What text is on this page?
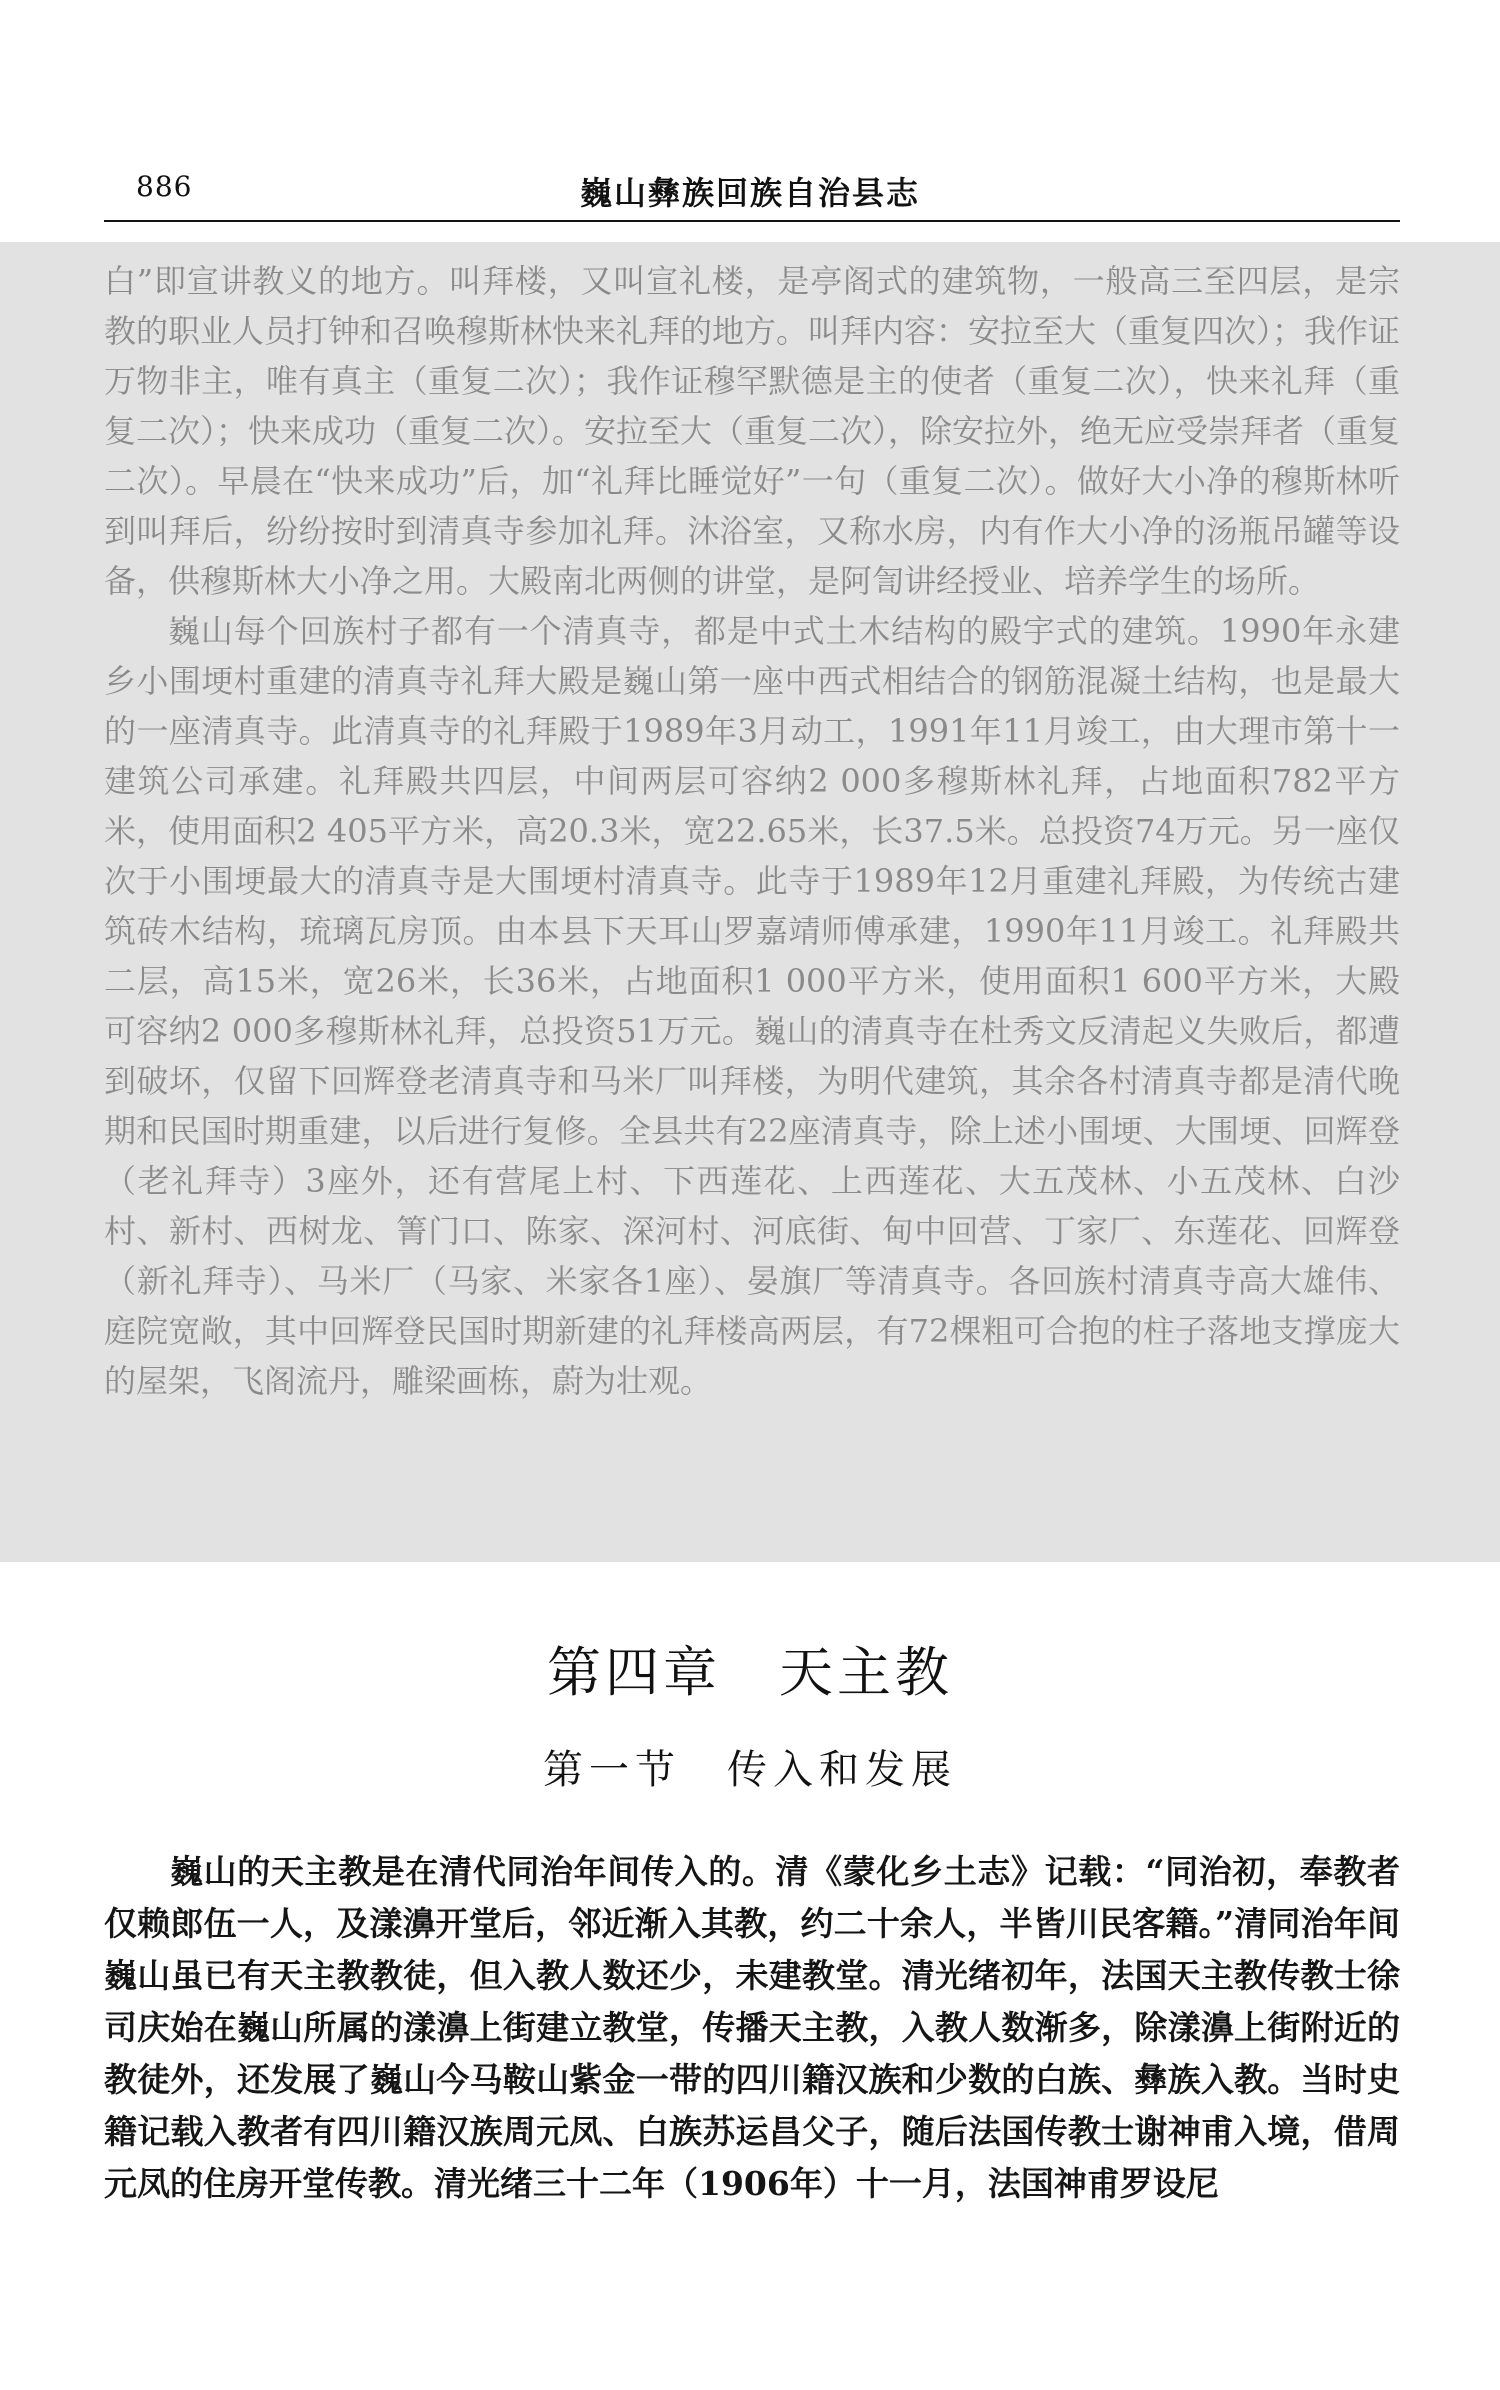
886	巍山彝族回族自治县志

白”即宣讲教义的地方。叫拜楼，又叫宣礼楼，是亭阁式的建筑物，一般高三至四层，是宗教的职业人员打钟和召唤穆斯林快来礼拜的地方。叫拜内容：安拉至大（重复四次）；我作证万物非主，唯有真主（重复二次）；我作证穆罕默德是主的使者（重复二次），快来礼拜（重复二次）；快来成功（重复二次）。安拉至大（重复二次），除安拉外，绝无应受崇拜者（重复二次）。早晨在“快来成功”后，加“礼拜比睡觉好”一句（重复二次）。做好大小净的穆斯林听到叫拜后，纷纷按时到清真寺参加礼拜。沐浴室，又称水房，内有作大小净的汤瓶吊罐等设备，供穆斯林大小净之用。大殿南北两侧的讲堂，是阿訇讲经授业、培养学生的场所。

巍山每个回族村子都有一个清真寺，都是中式土木结构的殿宇式的建筑。1990年永建乡小围埂村重建的清真寺礼拜大殿是巍山第一座中西式相结合的钢筋混凝土结构，也是最大的一座清真寺。此清真寺的礼拜殿于1989年3月动工，1991年11月竣工，由大理市第十一建筑公司承建。礼拜殿共四层，中间两层可容纳2 000多穆斯林礼拜，占地面积782平方米，使用面积2 405平方米，高20.3米，宽22.65米，长37.5米。总投资74万元。另一座仅次于小围埂最大的清真寺是大围埂村清真寺。此寺于1989年12月重建礼拜殿，为传统古建筑砖木结构，琉璃瓦房顶。由本县下天耳山罗嘉靖师傅承建，1990年11月竣工。礼拜殿共二层，高15米，宽26米，长36米，占地面积1 000平方米，使用面积1 600平方米，大殿可容纳2 000多穆斯林礼拜，总投资51万元。巍山的清真寺在杜秀文反清起义失败后，都遭到破坏，仅留下回辉登老清真寺和马米厂叫拜楼，为明代建筑，其余各村清真寺都是清代晚期和民国时期重建，以后进行复修。全县共有22座清真寺，除上述小围埂、大围埂、回辉登（老礼拜寺）3座外，还有营尾上村、下西莲花、上西莲花、大五茂林、小五茂林、白沙村、新村、西树龙、箐门口、陈家、深河村、河底街、甸中回营、丁家厂、东莲花、回辉登（新礼拜寺）、马米厂（马家、米家各1座）、晏旗厂等清真寺。各回族村清真寺高大雄伟、庭院宽敞，其中回辉登民国时期新建的礼拜楼高两层，有72棵粗可合抱的柱子落地支撑庞大的屋架，飞阁流丹，雕梁画栋，蔚为壮观。

第四章　天主教
第一节　传入和发展

巍山的天主教是在清代同治年间传入的。清《蒙化乡土志》记载：“同治初，奉教者仅赖郎伍一人，及漾濞开堂后，邻近渐入其教，约二十余人，半皆川民客籍。”清同治年间巍山虽已有天主教教徒，但入教人数还少，未建教堂。清光绪初年，法国天主教传教士徐司庆始在巍山所属的漾濞上街建立教堂，传播天主教，入教人数渐多，除漾濞上街附近的教徒外，还发展了巍山今马鞍山紫金一带的四川籍汉族和少数的白族、彝族入教。当时史籍记载入教者有四川籍汉族周元凤、白族苏运昌父子，随后法国传教士谢神甫入境，借周元凤的住房开堂传教。清光绪三十二年（1906年）十一月，法国神甫罗设尼
